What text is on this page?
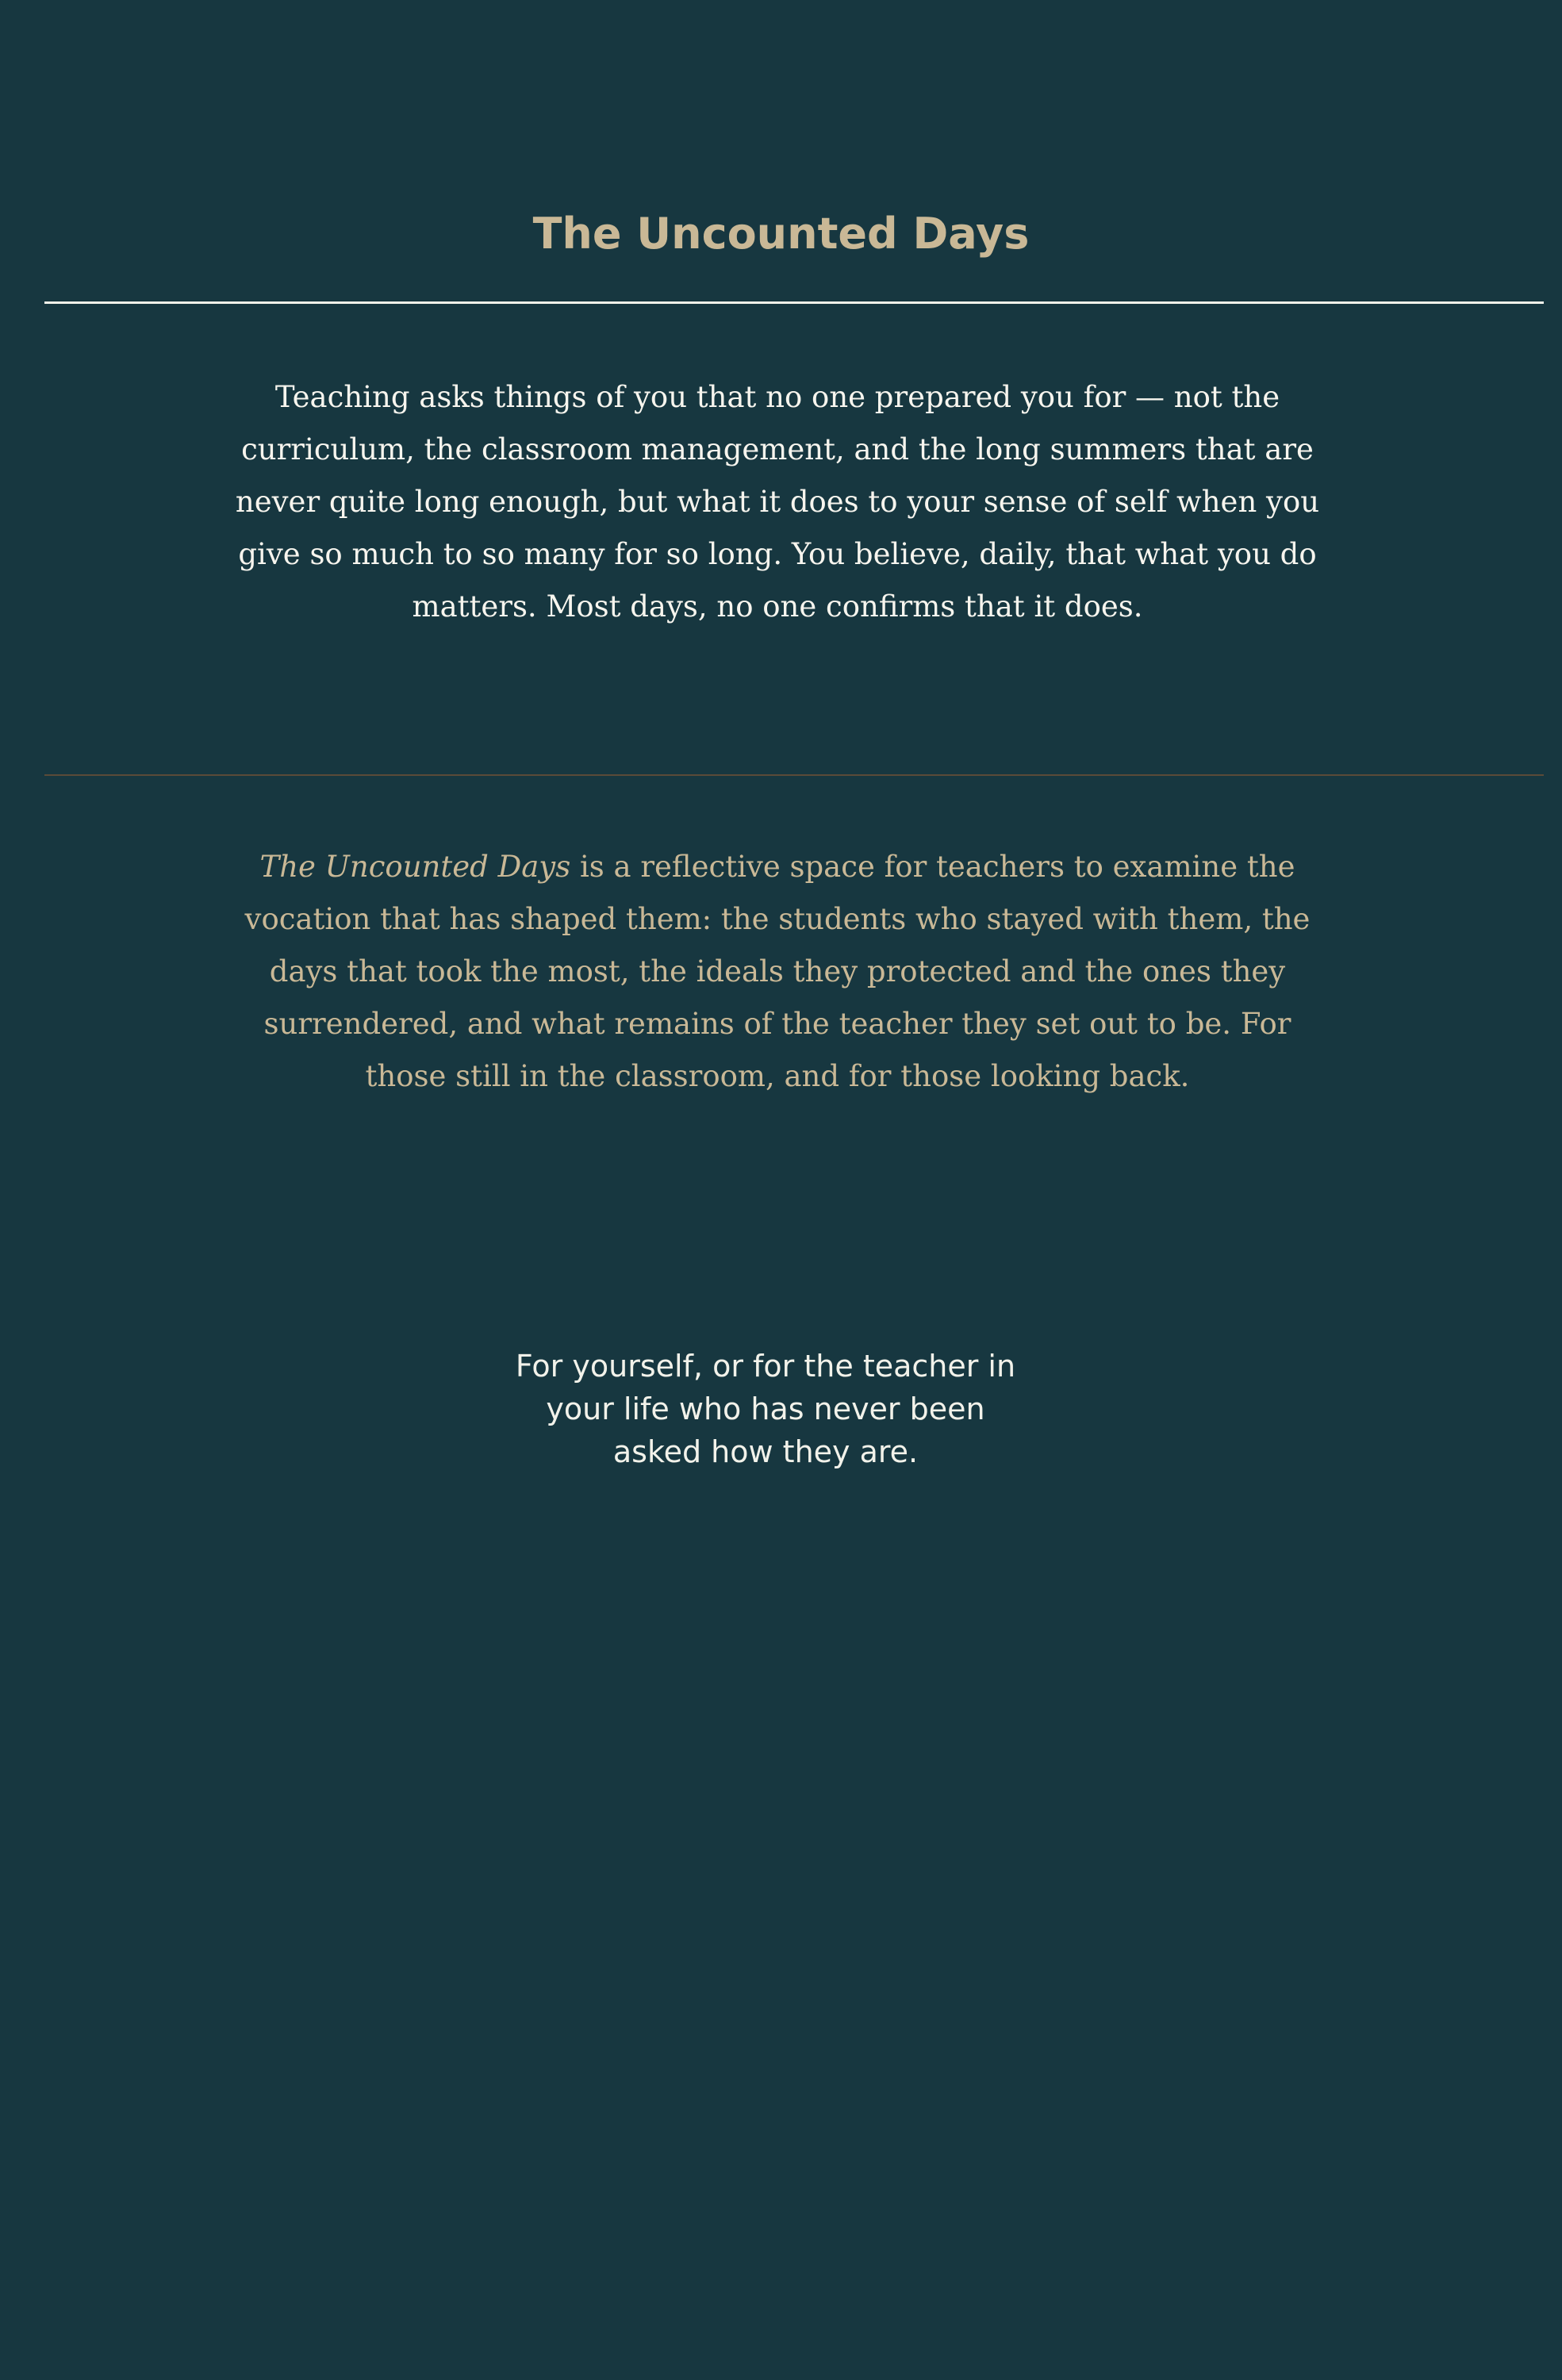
The Uncounted Days

Teaching asks things of you that no one prepared you for — not the curriculum, the classroom management, and the long summers that are never quite long enough, but what it does to your sense of self when you give so much to so many for so long. You believe, daily, that what you do matters. Most days, no one confirms that it does.

The Uncounted Days is a reflective space for teachers to examine the vocation that has shaped them: the students who stayed with them, the days that took the most, the ideals they protected and the ones they surrendered, and what remains of the teacher they set out to be. For those still in the classroom, and for those looking back.

For yourself, or for the teacher in your life who has never been asked how they are.
